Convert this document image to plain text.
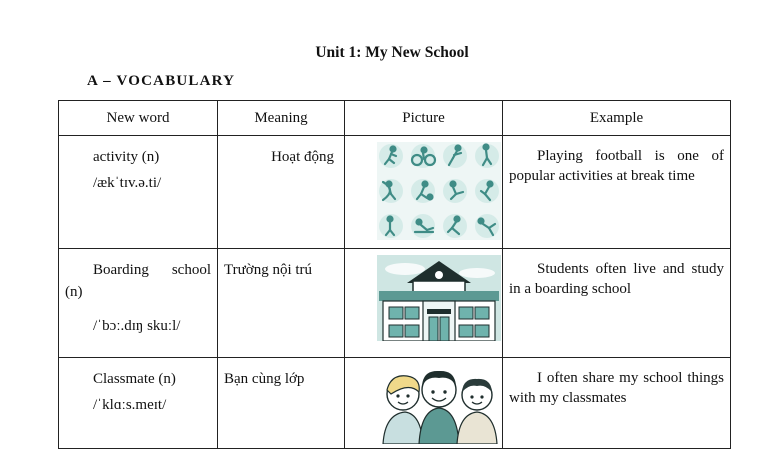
Unit 1: My New School
A – VOCABULARY
New word	Meaning	Picture	Example

activity (n)
/ækˈtɪv.ə.ti/	Hoạt động		Playing football is one of popular activities at break time

Boarding school (n)
/ˈbɔː.dɪŋ skuːl/	Trường nội trú		Students often live and study in a boarding school

Classmate (n)
/ˈklɑːs.meɪt/	Bạn cùng lớp		I often share my school things with my classmates
